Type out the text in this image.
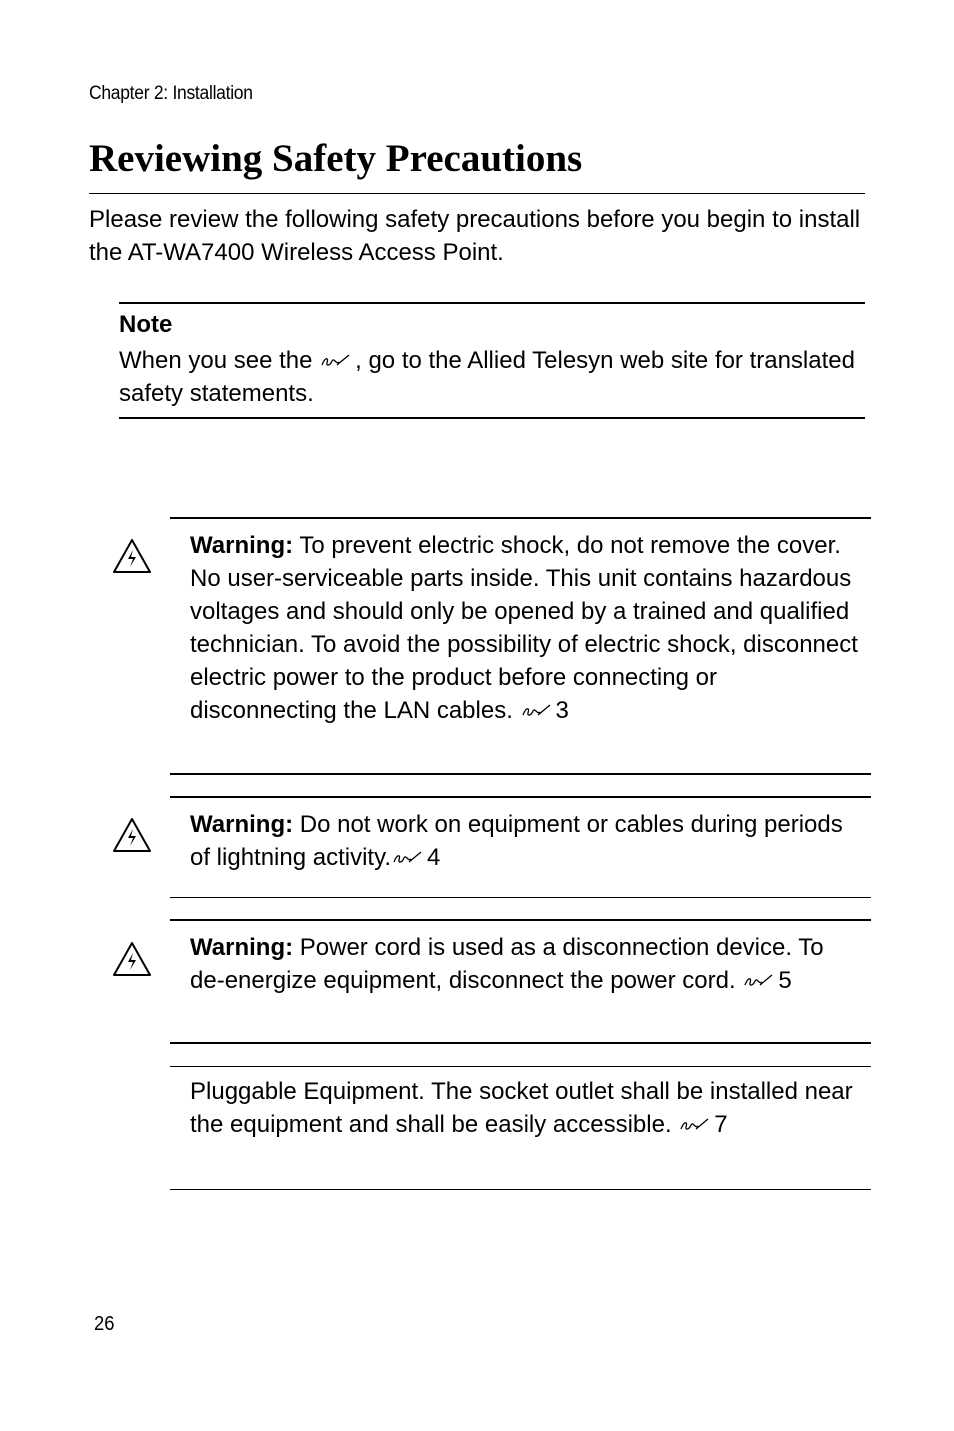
Chapter 2: Installation
Reviewing Safety Precautions
Please review the following safety precautions before you begin to install the AT-WA7400 Wireless Access Point.
Note
When you see the , go to the Allied Telesyn web site for translated safety statements.
Warning: To prevent electric shock, do not remove the cover. No user-serviceable parts inside. This unit contains hazardous voltages and should only be opened by a trained and qualified technician. To avoid the possibility of electric shock, disconnect electric power to the product before connecting or disconnecting the LAN cables. 3
Warning: Do not work on equipment or cables during periods of lightning activity. 4
Warning: Power cord is used as a disconnection device. To de-energize equipment, disconnect the power cord. 5
Pluggable Equipment. The socket outlet shall be installed near the equipment and shall be easily accessible. 7
26
